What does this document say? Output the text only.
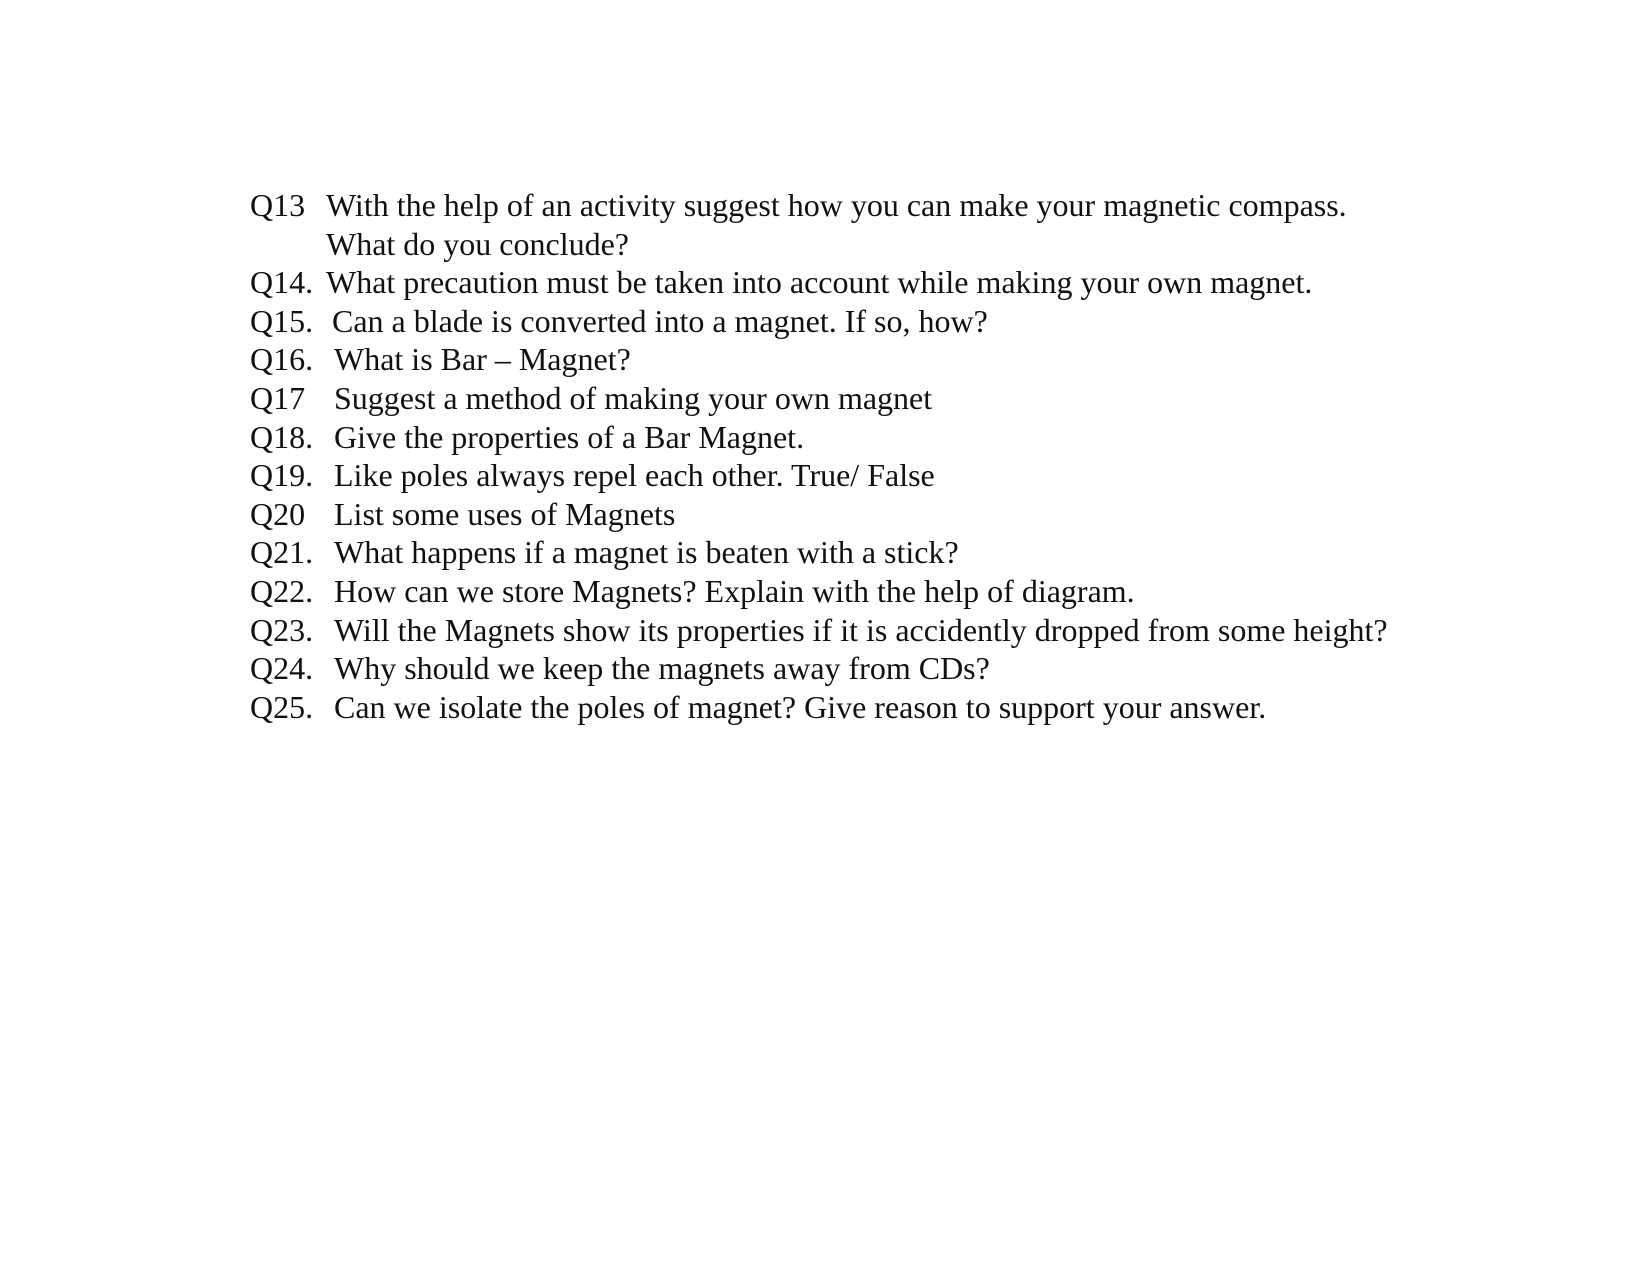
Q13

With the help of an activity suggest how you can make your magnetic compass.

What do you conclude?

Q14.

What precaution must be taken into account while making your own magnet.

Q15.

Can a blade is converted into a magnet. If so, how?

Q16.

What is Bar – Magnet?

Q17

Suggest a method of making your own magnet

Q18.

Give the properties of a Bar Magnet.

Q19.

Like poles always repel each other. True/ False

Q20

List some uses of Magnets

Q21.

What happens if a magnet is beaten with a stick?

Q22.

How can we store Magnets? Explain with the help of diagram.

Q23.

Will the Magnets show its properties if it is accidently dropped from some height?

Q24.

Why should we keep the magnets away from CDs?

Q25.

Can we isolate the poles of magnet? Give reason to support your answer.
